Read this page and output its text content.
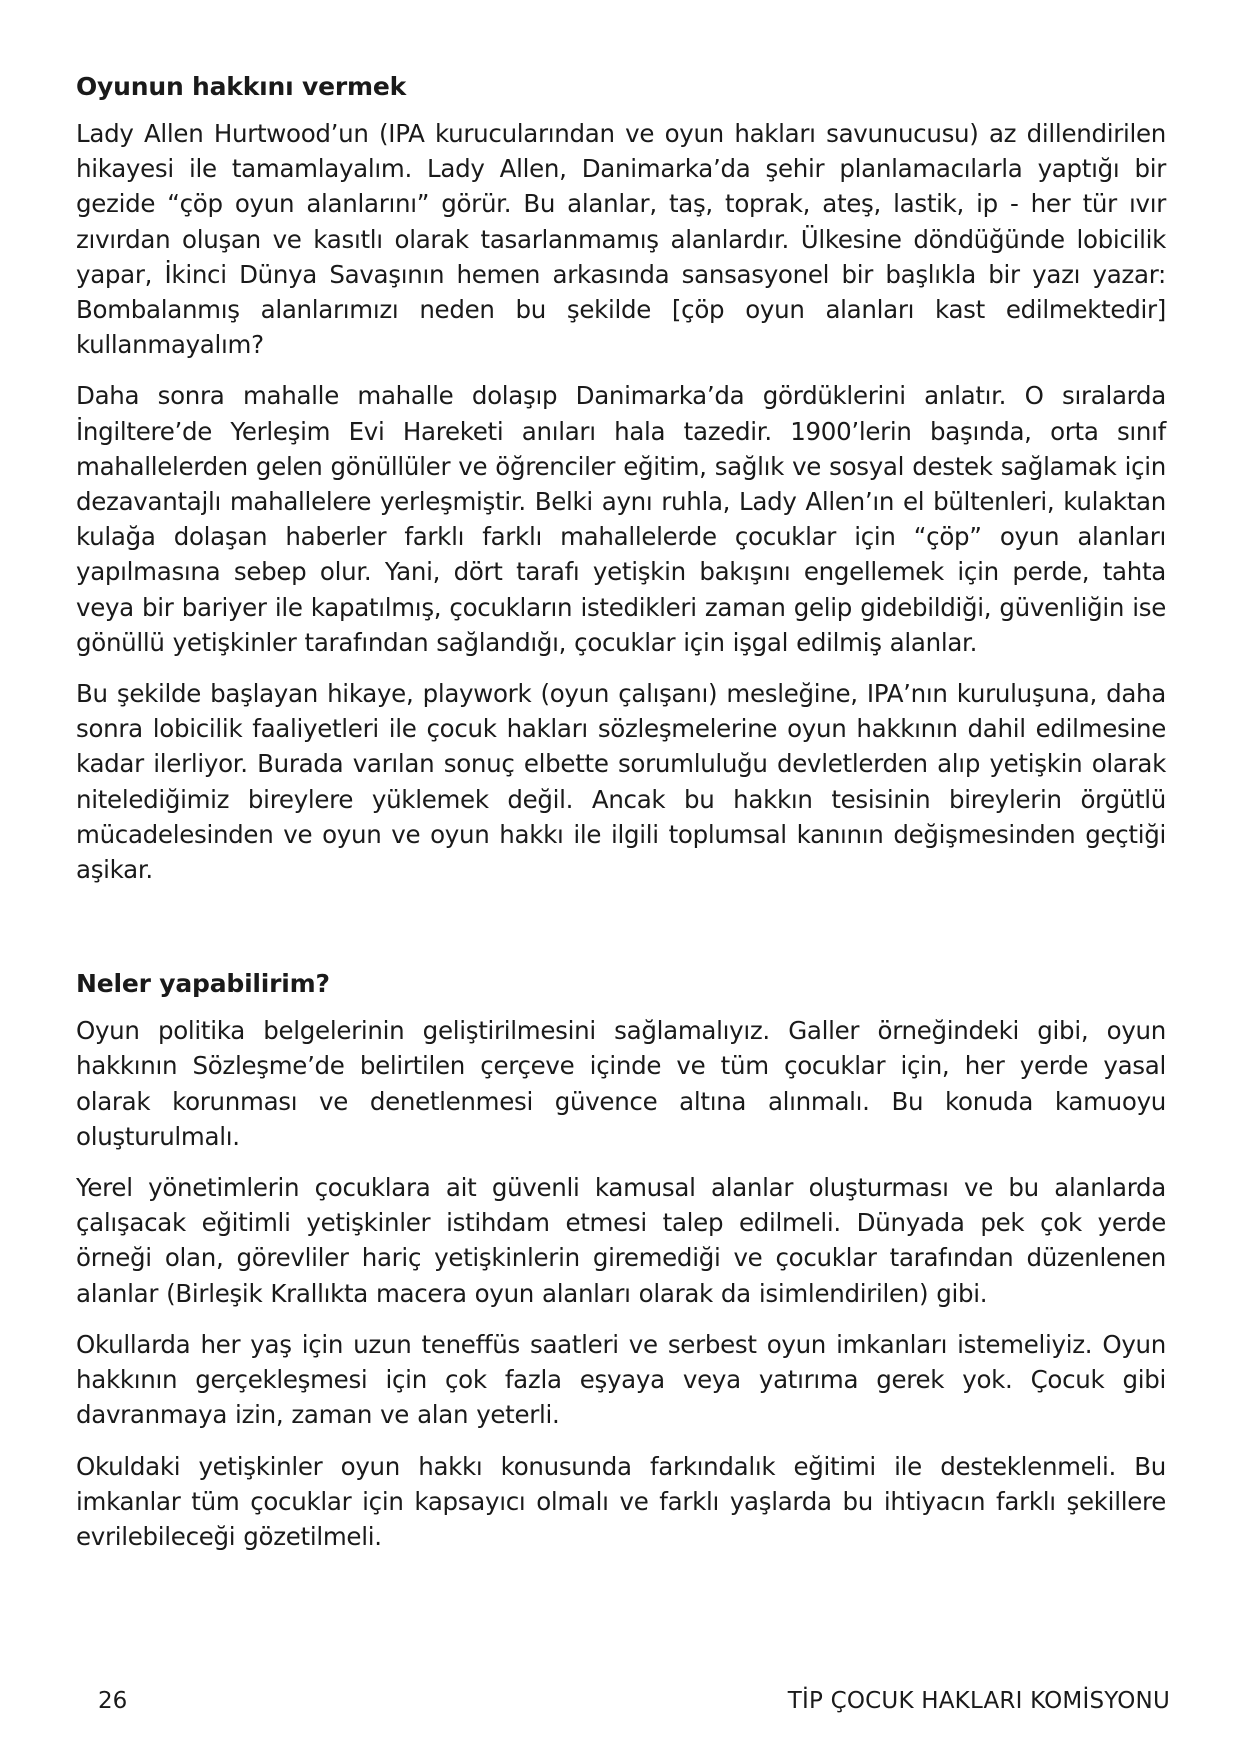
Oyunun hakkını vermek

Lady Allen Hurtwood’un (IPA kurucularından ve oyun hakları savunucusu) az dillendirilen hikayesi ile tamamlayalım. Lady Allen, Danimarka’da şehir planlamacılarla yaptığı bir gezide “çöp oyun alanlarını” görür. Bu alanlar, taş, toprak, ateş, lastik, ip - her tür ıvır zıvırdan oluşan ve kasıtlı olarak tasarlanmamış alanlardır. Ülkesine döndüğünde lobicilik yapar, İkinci Dünya Savaşının hemen arkasında sansasyonel bir başlıkla bir yazı yazar: Bombalanmış alanlarımızı neden bu şekilde [çöp oyun alanları kast edilmektedir] kullanmayalım?

Daha sonra mahalle mahalle dolaşıp Danimarka’da gördüklerini anlatır. O sıralarda İngiltere’de Yerleşim Evi Hareketi anıları hala tazedir. 1900’lerin başında, orta sınıf mahallelerden gelen gönüllüler ve öğrenciler eğitim, sağlık ve sosyal destek sağlamak için dezavantajlı mahallelere yerleşmiştir. Belki aynı ruhla, Lady Allen’ın el bültenleri, kulaktan kulağa dolaşan haberler farklı farklı mahallelerde çocuklar için “çöp” oyun alanları yapılmasına sebep olur. Yani, dört tarafı yetişkin bakışını engellemek için perde, tahta veya bir bariyer ile kapatılmış, çocukların istedikleri zaman gelip gidebildiği, güvenliğin ise gönüllü yetişkinler tarafından sağlandığı, çocuklar için işgal edilmiş alanlar.

Bu şekilde başlayan hikaye, playwork (oyun çalışanı) mesleğine, IPA’nın kuruluşuna, daha sonra lobicilik faaliyetleri ile çocuk hakları sözleşmelerine oyun hakkının dahil edilmesine kadar ilerliyor. Burada varılan sonuç elbette sorumluluğu devletlerden alıp yetişkin olarak nitelediğimiz bireylere yüklemek değil. Ancak bu hakkın tesisinin bireylerin örgütlü mücadelesinden ve oyun ve oyun hakkı ile ilgili toplumsal kanının değişmesinden geçtiği aşikar.

Neler yapabilirim?

Oyun politika belgelerinin geliştirilmesini sağlamalıyız. Galler örneğindeki gibi, oyun hakkının Sözleşme’de belirtilen çerçeve içinde ve tüm çocuklar için, her yerde yasal olarak korunması ve denetlenmesi güvence altına alınmalı. Bu konuda kamuoyu oluşturulmalı.

Yerel yönetimlerin çocuklara ait güvenli kamusal alanlar oluşturması ve bu alanlarda çalışacak eğitimli yetişkinler istihdam etmesi talep edilmeli. Dünyada pek çok yerde örneği olan, görevliler hariç yetişkinlerin giremediği ve çocuklar tarafından düzenlenen alanlar (Birleşik Krallıkta macera oyun alanları olarak da isimlendirilen) gibi.

Okullarda her yaş için uzun teneffüs saatleri ve serbest oyun imkanları istemeliyiz. Oyun hakkının gerçekleşmesi için çok fazla eşyaya veya yatırıma gerek yok. Çocuk gibi davranmaya izin, zaman ve alan yeterli.

Okuldaki yetişkinler oyun hakkı konusunda farkındalık eğitimi ile desteklenmeli. Bu imkanlar tüm çocuklar için kapsayıcı olmalı ve farklı yaşlarda bu ihtiyacın farklı şekillere evrilebileceği gözetilmeli.

26	TİP ÇOCUK HAKLARI KOMİSYONU
